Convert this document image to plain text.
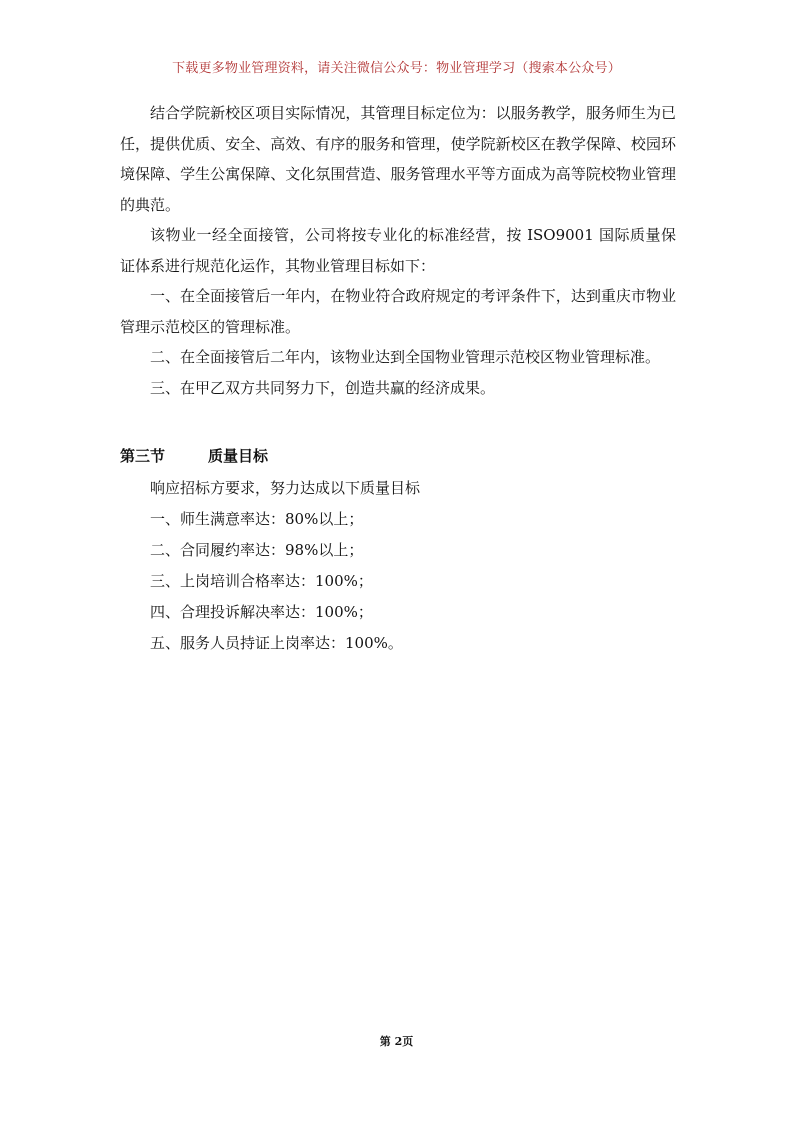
下载更多物业管理资料，请关注微信公众号：物业管理学习（搜索本公众号）

结合学院新校区项目实际情况，其管理目标定位为：以服务教学，服务师生为已任，提供优质、安全、高效、有序的服务和管理，使学院新校区在教学保障、校园环境保障、学生公寓保障、文化氛围营造、服务管理水平等方面成为高等院校物业管理的典范。

该物业一经全面接管，公司将按专业化的标准经营，按 ISO9001 国际质量保证体系进行规范化运作，其物业管理目标如下：

一、在全面接管后一年内，在物业符合政府规定的考评条件下，达到重庆市物业管理示范校区的管理标准。

二、在全面接管后二年内，该物业达到全国物业管理示范校区物业管理标准。

三、在甲乙双方共同努力下，创造共赢的经济成果。

第三节	质量目标

响应招标方要求，努力达成以下质量目标

一、师生满意率达：80%以上；

二、合同履约率达：98%以上；

三、上岗培训合格率达：100%；

四、合理投诉解决率达：100%；

五、服务人员持证上岗率达：100%。

第 2页
